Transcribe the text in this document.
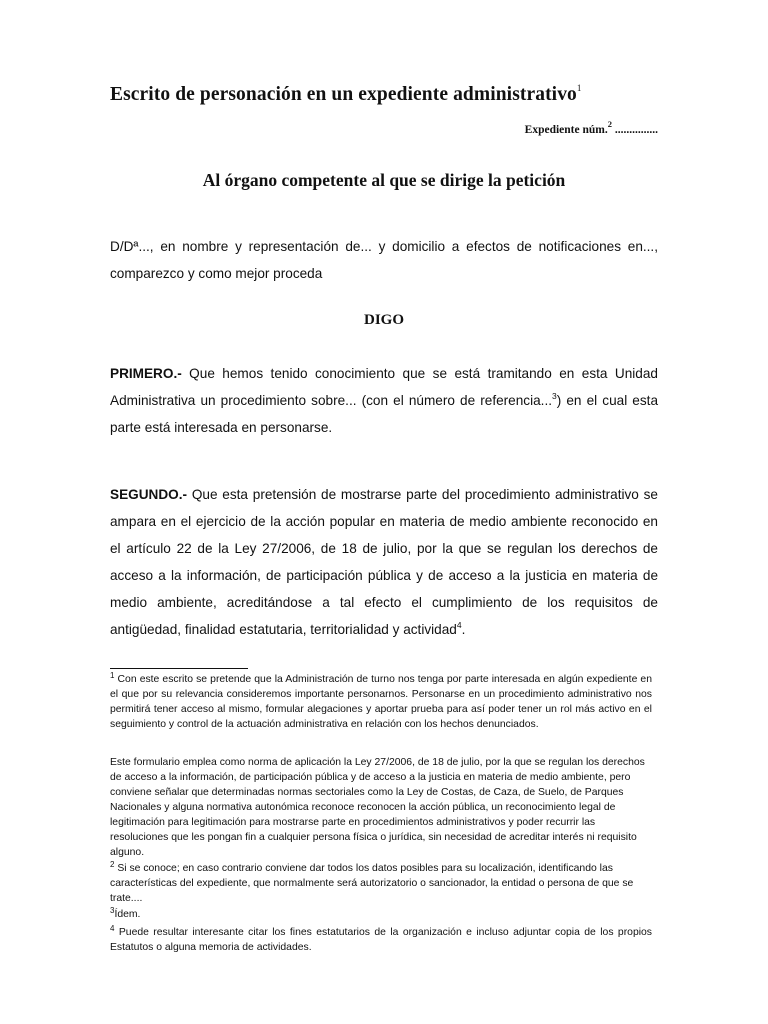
Escrito de personación en un expediente administrativo$^1$
Expediente núm.$^2$ ...............
Al órgano competente al que se dirige la petición

D/Dª..., en nombre y representación de... y domicilio a efectos de notificaciones en..., comparezco y como mejor proceda

DIGO

PRIMERO.- Que hemos tenido conocimiento que se está tramitando en esta Unidad Administrativa un procedimiento sobre... (con el número de referencia...$^3$) en el cual esta parte está interesada en personarse.

SEGUNDO.- Que esta pretensión de mostrarse parte del procedimiento administrativo se ampara en el ejercicio de la acción popular en materia de medio ambiente reconocido en el artículo 22 de la Ley 27/2006, de 18 de julio, por la que se regulan los derechos de acceso a la información, de participación pública y de acceso a la justicia en materia de medio ambiente, acreditándose a tal efecto el cumplimiento de los requisitos de antigüedad, finalidad estatutaria, territorialidad y actividad$^4$.

$^1$ Con este escrito se pretende que la Administración de turno nos tenga por parte interesada en algún expediente en el que por su relevancia consideremos importante personarnos. Personarse en un procedimiento administrativo nos permitirá tener acceso al mismo, formular alegaciones y aportar prueba para así poder tener un rol más activo en el seguimiento y control de la actuación administrativa en relación con los hechos denunciados.

Este formulario emplea como norma de aplicación la Ley 27/2006, de 18 de julio, por la que se regulan los derechos de acceso a la información, de participación pública y de acceso a la justicia en materia de medio ambiente, pero conviene señalar que determinadas normas sectoriales como la Ley de Costas, de Caza, de Suelo, de Parques Nacionales y alguna normativa autonómica reconoce reconocen la acción pública, un reconocimiento legal de legitimación para legitimación para mostrarse parte en procedimientos administrativos y poder recurrir las resoluciones que les pongan fin a cualquier persona física o jurídica, sin necesidad de acreditar interés ni requisito alguno.

$^2$ Si se conoce; en caso contrario conviene dar todos los datos posibles para su localización, identificando las características del expediente, que normalmente será autorizatorio o sancionador, la entidad o persona de que se trate....

$^3$Ídem.

$^4$ Puede resultar interesante citar los fines estatutarios de la organización e incluso adjuntar copia de los propios Estatutos o alguna memoria de actividades.
